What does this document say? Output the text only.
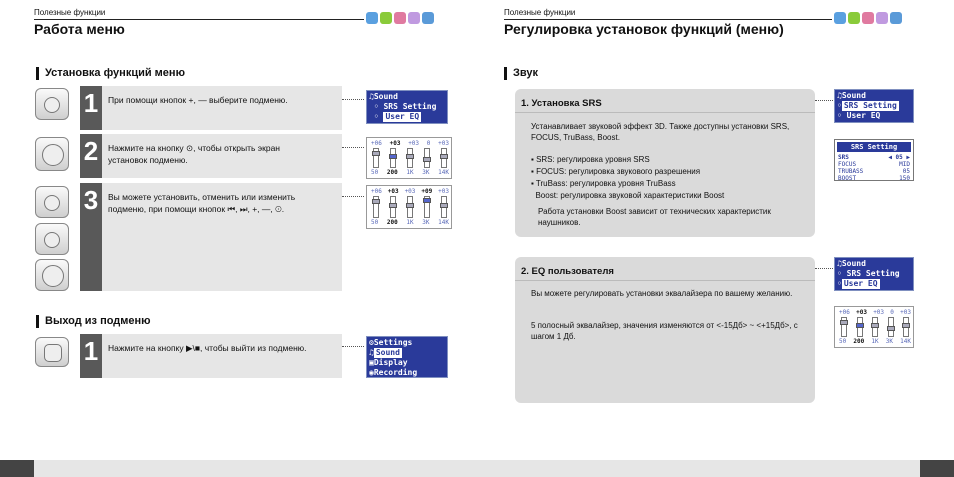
Полезные функции
Работа меню
Установка функций меню
1	При помощи кнопок +, — выберите подменю.	♫Sound
◦ SRS Setting
◦ User EQ
2	Нажмите на кнопку ⊙, чтобы открыть экран установок подменю.
+06 +03 +03 0 +03
50 200 1K 3K 14K
3	Вы можете установить, отменить или изменить подменю, при помощи кнопок ⏮, ⏭, +, —, ⊙.
+06 +03 +03 +09 +03
50 200 1K 3K 14K
Выход из подменю
1	Нажмите на кнопку ▶\■, чтобы выйти из подменю.
⚙Settings
♫ Sound
▣Display
◉Recording
Полезные функции
Регулировка установок функций (меню)
Звук
1. Установка SRS
Устанавливает звуковой эффект 3D. Также доступны установки SRS, FOCUS, TruBass, Boost.
▪ SRS: регулировка уровня SRS
▪ FOCUS: регулировка звукового разрешения
▪ TruBass: регулировка уровня TruBass
Boost: регулировка звуковой характеристики Boost
Работа установки Boost зависит от технических характеристик наушников.
♫Sound
◦ SRS Setting
◦ User EQ
SRS Setting
SRS	◀ 05 ▶
FOCUS	MID
TRUBASS	05
BOOST	150
2. EQ пользователя
Вы можете регулировать установки эквалайзера по вашему желанию.
5 полосный эквалайзер, значения изменяются от <-15Дб> ~ <+15Дб>, с шагом 1 Дб.
♫Sound
◦ SRS Setting
◦ User EQ
+06 +03 +03 0 +03
50 200 1K 3K 14K
